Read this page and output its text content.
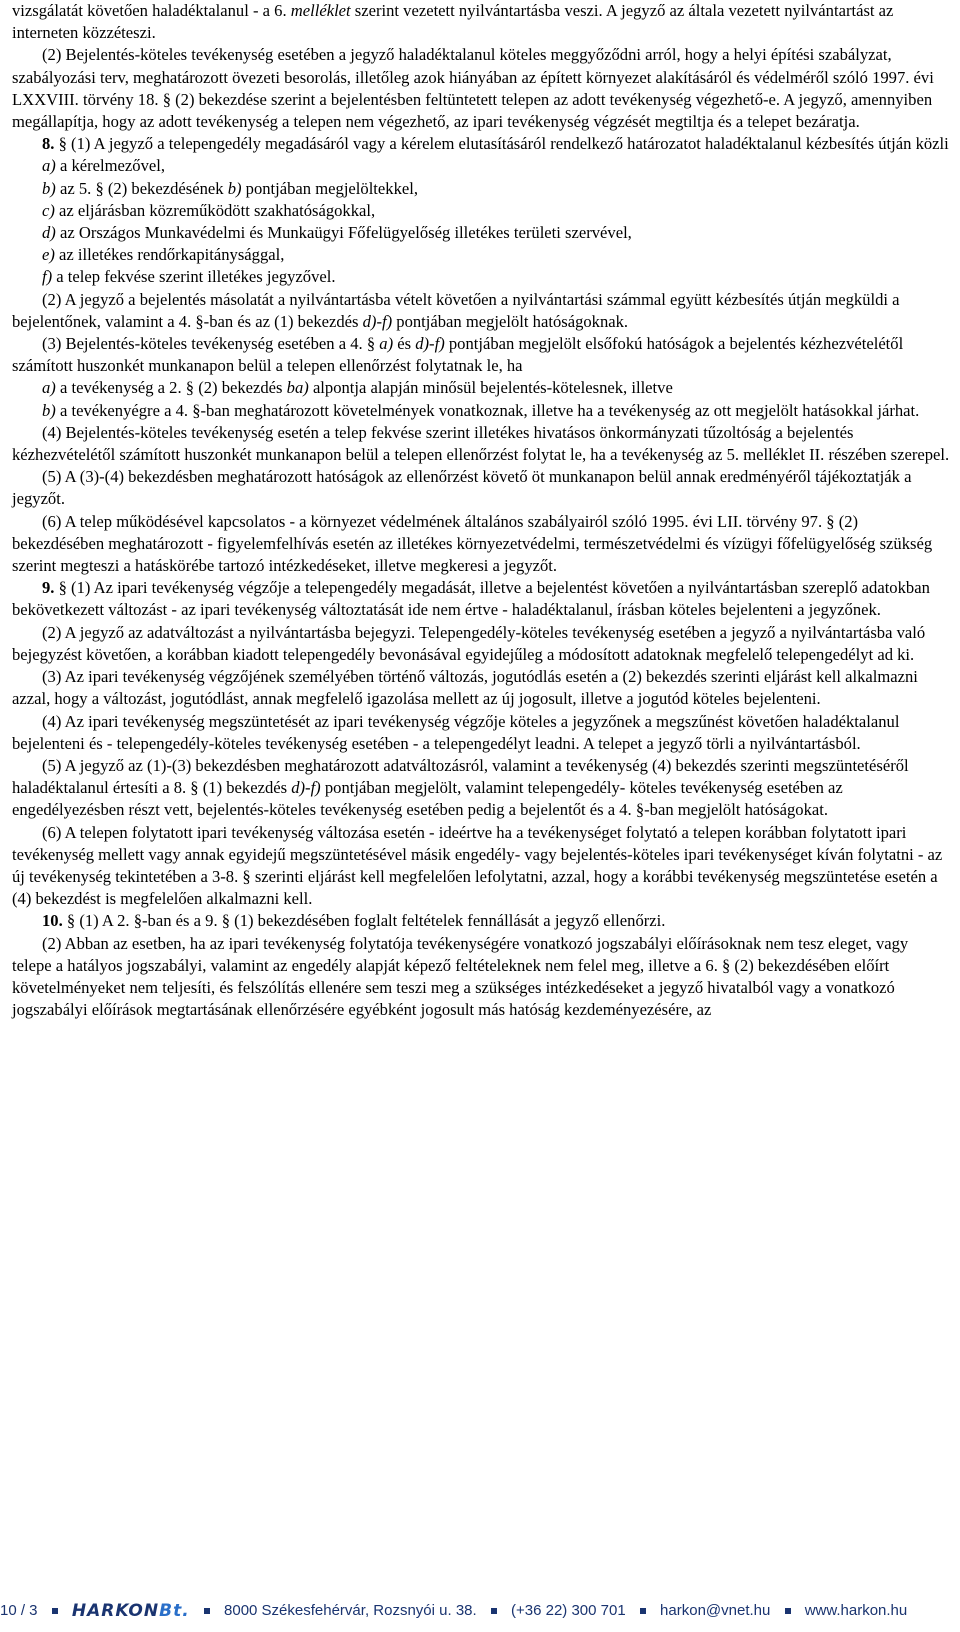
vizsgálatát követően haladéktalanul - a 6. melléklet szerint vezetett nyilvántartásba veszi. A jegyző az általa vezetett nyilvántartást az interneten közzéteszi.

(2) Bejelentés-köteles tevékenység esetében a jegyző haladéktalanul köteles meggyőződni arról, hogy a helyi építési szabályzat, szabályozási terv, meghatározott övezeti besorolás, illetőleg azok hiányában az épített környezet alakításáról és védelméről szóló 1997. évi LXXVIII. törvény 18. § (2) bekezdése szerint a bejelentésben feltüntetett telepen az adott tevékenység végezhető-e. A jegyző, amennyiben megállapítja, hogy az adott tevékenység a telepen nem végezhető, az ipari tevékenység végzését megtiltja és a telepet bezáratja.

8. § (1) A jegyző a telepengedély megadásáról vagy a kérelem elutasításáról rendelkező határozatot haladéktalanul kézbesítés útján közli

a) a kérelmezővel,

b) az 5. § (2) bekezdésének b) pontjában megjelöltekkel,

c) az eljárásban közreműködött szakhatóságokkal,

d) az Országos Munkavédelmi és Munkaügyi Főfelügyelőség illetékes területi szervével,

e) az illetékes rendőrkapitánysággal,

f) a telep fekvése szerint illetékes jegyzővel.

(2) A jegyző a bejelentés másolatát a nyilvántartásba vételt követően a nyilvántartási számmal együtt kézbesítés útján megküldi a bejelentőnek, valamint a 4. §-ban és az (1) bekezdés d)-f) pontjában megjelölt hatóságoknak.

(3) Bejelentés-köteles tevékenység esetében a 4. § a) és d)-f) pontjában megjelölt elsőfokú hatóságok a bejelentés kézhezvételétől számított huszonkét munkanapon belül a telepen ellenőrzést folytatnak le, ha

a) a tevékenység a 2. § (2) bekezdés ba) alpontja alapján minősül bejelentés-kötelesnek, illetve

b) a tevékenyégre a 4. §-ban meghatározott követelmények vonatkoznak, illetve ha a tevékenység az ott megjelölt hatásokkal járhat.

(4) Bejelentés-köteles tevékenység esetén a telep fekvése szerint illetékes hivatásos önkormányzati tűzoltóság a bejelentés kézhezvételétől számított huszonkét munkanapon belül a telepen ellenőrzést folytat le, ha a tevékenység az 5. melléklet II. részében szerepel.

(5) A (3)-(4) bekezdésben meghatározott hatóságok az ellenőrzést követő öt munkanapon belül annak eredményéről tájékoztatják a jegyzőt.

(6) A telep működésével kapcsolatos - a környezet védelmének általános szabályairól szóló 1995. évi LII. törvény 97. § (2) bekezdésében meghatározott - figyelemfelhívás esetén az illetékes környezetvédelmi, természetvédelmi és vízügyi főfelügyelőség szükség szerint megteszi a hatáskörébe tartozó intézkedéseket, illetve megkeresi a jegyzőt.

9. § (1) Az ipari tevékenység végzője a telepengedély megadását, illetve a bejelentést követően a nyilvántartásban szereplő adatokban bekövetkezett változást - az ipari tevékenység változtatását ide nem értve - haladéktalanul, írásban köteles bejelenteni a jegyzőnek.

(2) A jegyző az adatváltozást a nyilvántartásba bejegyzi. Telepengedély-köteles tevékenység esetében a jegyző a nyilvántartásba való bejegyzést követően, a korábban kiadott telepengedély bevonásával egyidejűleg a módosított adatoknak megfelelő telepengedélyt ad ki.

(3) Az ipari tevékenység végzőjének személyében történő változás, jogutódlás esetén a (2) bekezdés szerinti eljárást kell alkalmazni azzal, hogy a változást, jogutódlást, annak megfelelő igazolása mellett az új jogosult, illetve a jogutód köteles bejelenteni.

(4) Az ipari tevékenység megszüntetését az ipari tevékenység végzője köteles a jegyzőnek a megszűnést követően haladéktalanul bejelenteni és - telepengedély-köteles tevékenység esetében - a telepengedélyt leadni. A telepet a jegyző törli a nyilvántartásból.

(5) A jegyző az (1)-(3) bekezdésben meghatározott adatváltozásról, valamint a tevékenység (4) bekezdés szerinti megszüntetéséről haladéktalanul értesíti a 8. § (1) bekezdés d)-f) pontjában megjelölt, valamint telepengedély- köteles tevékenység esetében az engedélyezésben részt vett, bejelentés-köteles tevékenység esetében pedig a bejelentőt és a 4. §-ban megjelölt hatóságokat.

(6) A telepen folytatott ipari tevékenység változása esetén - ideértve ha a tevékenységet folytató a telepen korábban folytatott ipari tevékenység mellett vagy annak egyidejű megszüntetésével másik engedély- vagy bejelentés-köteles ipari tevékenységet kíván folytatni - az új tevékenység tekintetében a 3-8. § szerinti eljárást kell megfelelően lefolytatni, azzal, hogy a korábbi tevékenység megszüntetése esetén a (4) bekezdést is megfelelően alkalmazni kell.

10. § (1) A 2. §-ban és a 9. § (1) bekezdésében foglalt feltételek fennállását a jegyző ellenőrzi.

(2) Abban az esetben, ha az ipari tevékenység folytatója tevékenységére vonatkozó jogszabályi előírásoknak nem tesz eleget, vagy telepe a hatályos jogszabályi, valamint az engedély alapját képező feltételeknek nem felel meg, illetve a 6. § (2) bekezdésében előírt követelményeket nem teljesíti, és felszólítás ellenére sem teszi meg a szükséges intézkedéseket a jegyző hivatalból vagy a vonatkozó jogszabályi előírások megtartásának ellenőrzésére egyébként jogosult más hatóság kezdeményezésére, az

10 / 3 HARKONBt. 8000 Székesfehérvár, Rozsnyói u. 38. (+36 22) 300 701 harkon@vnet.hu www.harkon.hu
